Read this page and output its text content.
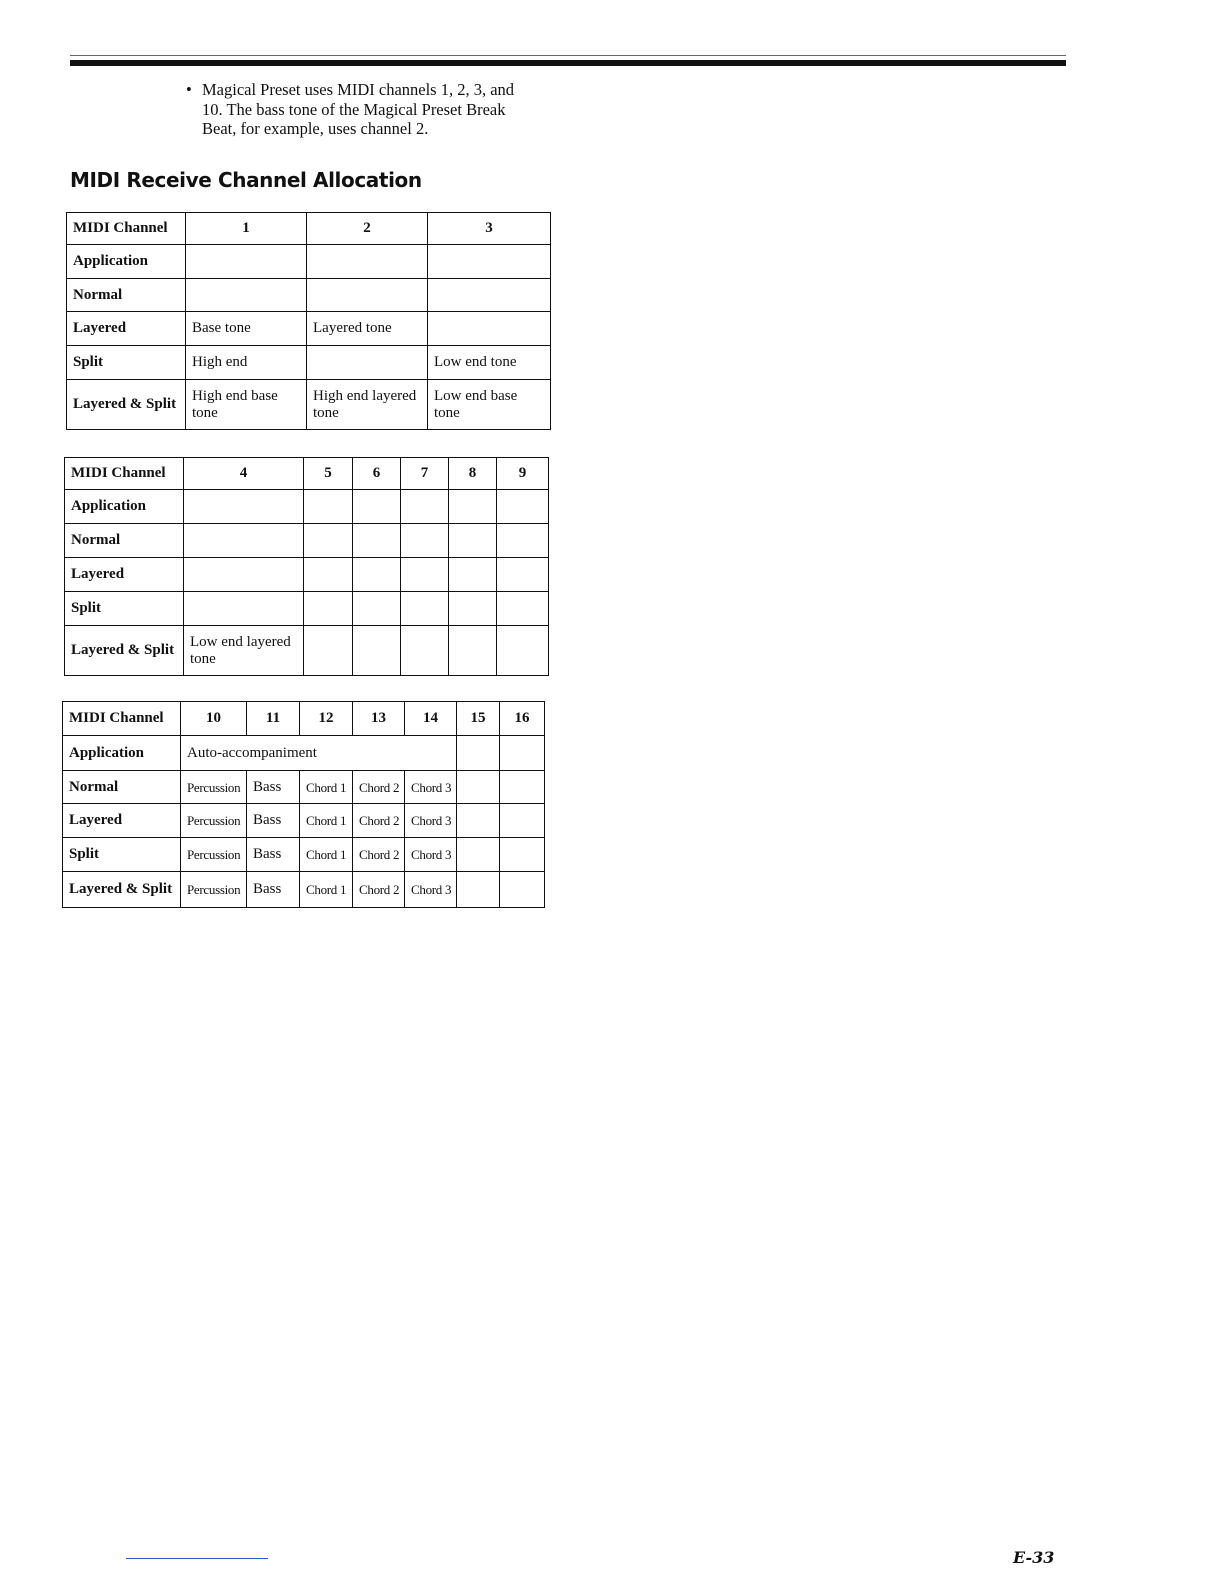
• Magical Preset uses MIDI channels 1, 2, 3, and
10. The bass tone of the Magical Preset Break
Beat, for example, uses channel 2.
MIDI Receive Channel Allocation
MIDI Channel	1	2	3
Application			
Normal			
Layered	Base tone	Layered tone	
Split	High end		Low end tone
Layered & Split	High end base tone	High end layered tone	Low end base tone
MIDI Channel	4	5	6	7	8	9
Application						
Normal						
Layered						
Split						
Layered & Split	Low end layered tone					
MIDI Channel	10	11	12	13	14	15	16
Application	Auto-accompaniment						
Normal	Percussion	Bass	Chord 1	Chord 2	Chord 3		
Layered	Percussion	Bass	Chord 1	Chord 2	Chord 3		
Split	Percussion	Bass	Chord 1	Chord 2	Chord 3		
Layered & Split	Percussion	Bass	Chord 1	Chord 2	Chord 3		
E-33
